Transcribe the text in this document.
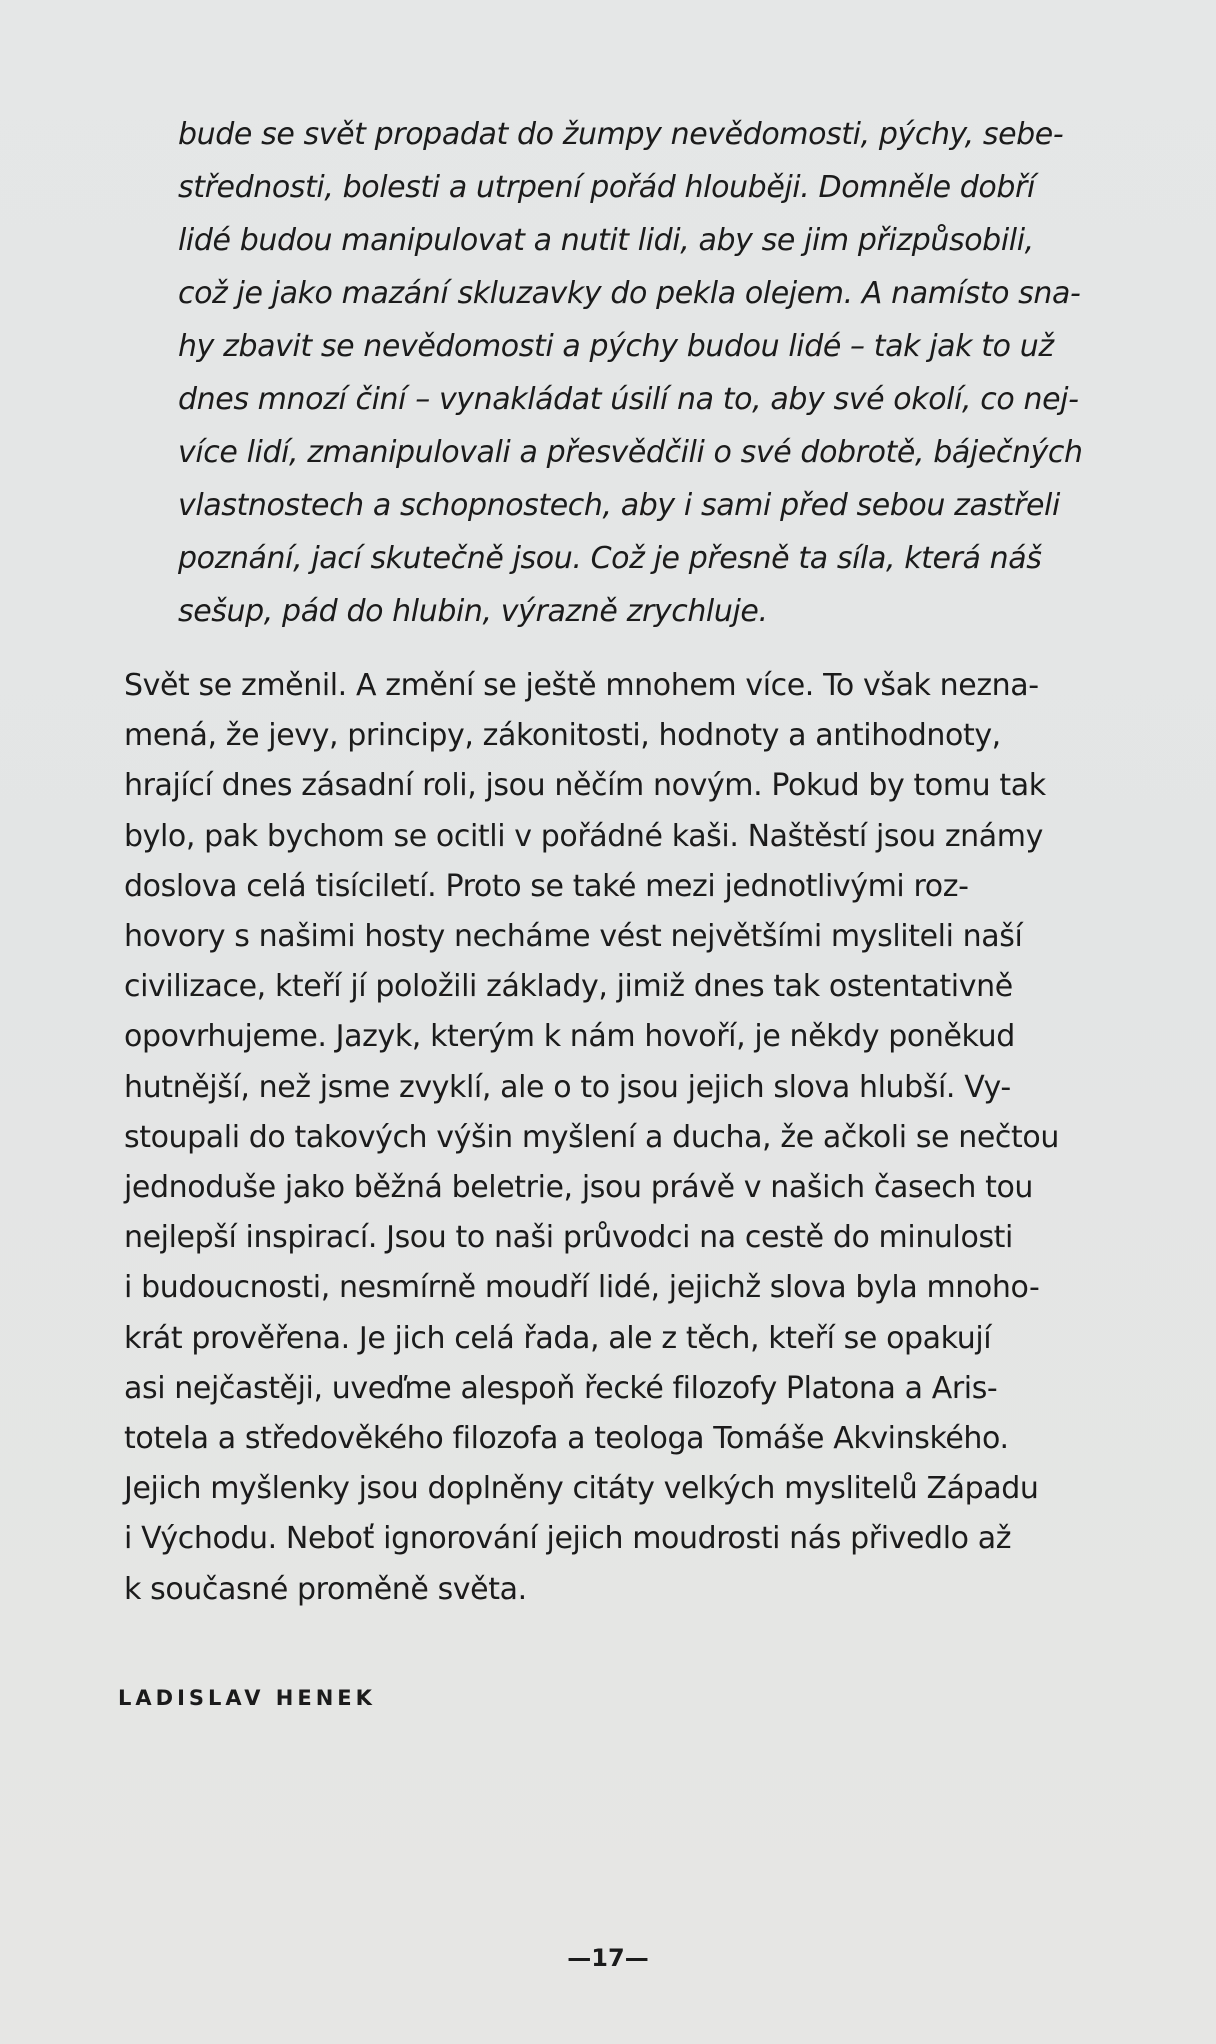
bude se svět propadat do žumpy nevědomosti, pýchy, sebe-
střednosti, bolesti a utrpení pořád hlouběji. Domněle dobří
lidé budou manipulovat a nutit lidi, aby se jim přizpůsobili,
což je jako mazání skluzavky do pekla olejem. A namísto sna-
hy zbavit se nevědomosti a pýchy budou lidé – tak jak to už
dnes mnozí činí – vynakládat úsilí na to, aby své okolí, co nej-
více lidí, zmanipulovali a přesvědčili o své dobrotě, báječných
vlastnostech a schopnostech, aby i sami před sebou zastřeli
poznání, jací skutečně jsou. Což je přesně ta síla, která náš
sešup, pád do hlubin, výrazně zrychluje.
Svět se změnil. A změní se ještě mnohem více. To však nezna-
mená, že jevy, principy, zákonitosti, hodnoty a antihodnoty,
hrající dnes zásadní roli, jsou něčím novým. Pokud by tomu tak
bylo, pak bychom se ocitli v pořádné kaši. Naštěstí jsou známy
doslova celá tisíciletí. Proto se také mezi jednotlivými roz-
hovory s našimi hosty necháme vést největšími mysliteli naší
civilizace, kteří jí položili základy, jimiž dnes tak ostentativně
opovrhujeme. Jazyk, kterým k nám hovoří, je někdy poněkud
hutnější, než jsme zvyklí, ale o to jsou jejich slova hlubší. Vy-
stoupali do takových výšin myšlení a ducha, že ačkoli se nečtou
jednoduše jako běžná beletrie, jsou právě v našich časech tou
nejlepší inspirací. Jsou to naši průvodci na cestě do minulosti
i budoucnosti, nesmírně moudří lidé, jejichž slova byla mnoho-
krát prověřena. Je jich celá řada, ale z těch, kteří se opakují
asi nejčastěji, uveďme alespoň řecké filozofy Platona a Aris-
totela a středověkého filozofa a teologa Tomáše Akvinského.
Jejich myšlenky jsou doplněny citáty velkých myslitelů Západu
i Východu. Neboť ignorování jejich moudrosti nás přivedlo až
k současné proměně světa.
LADISLAV HENEK
—17—
